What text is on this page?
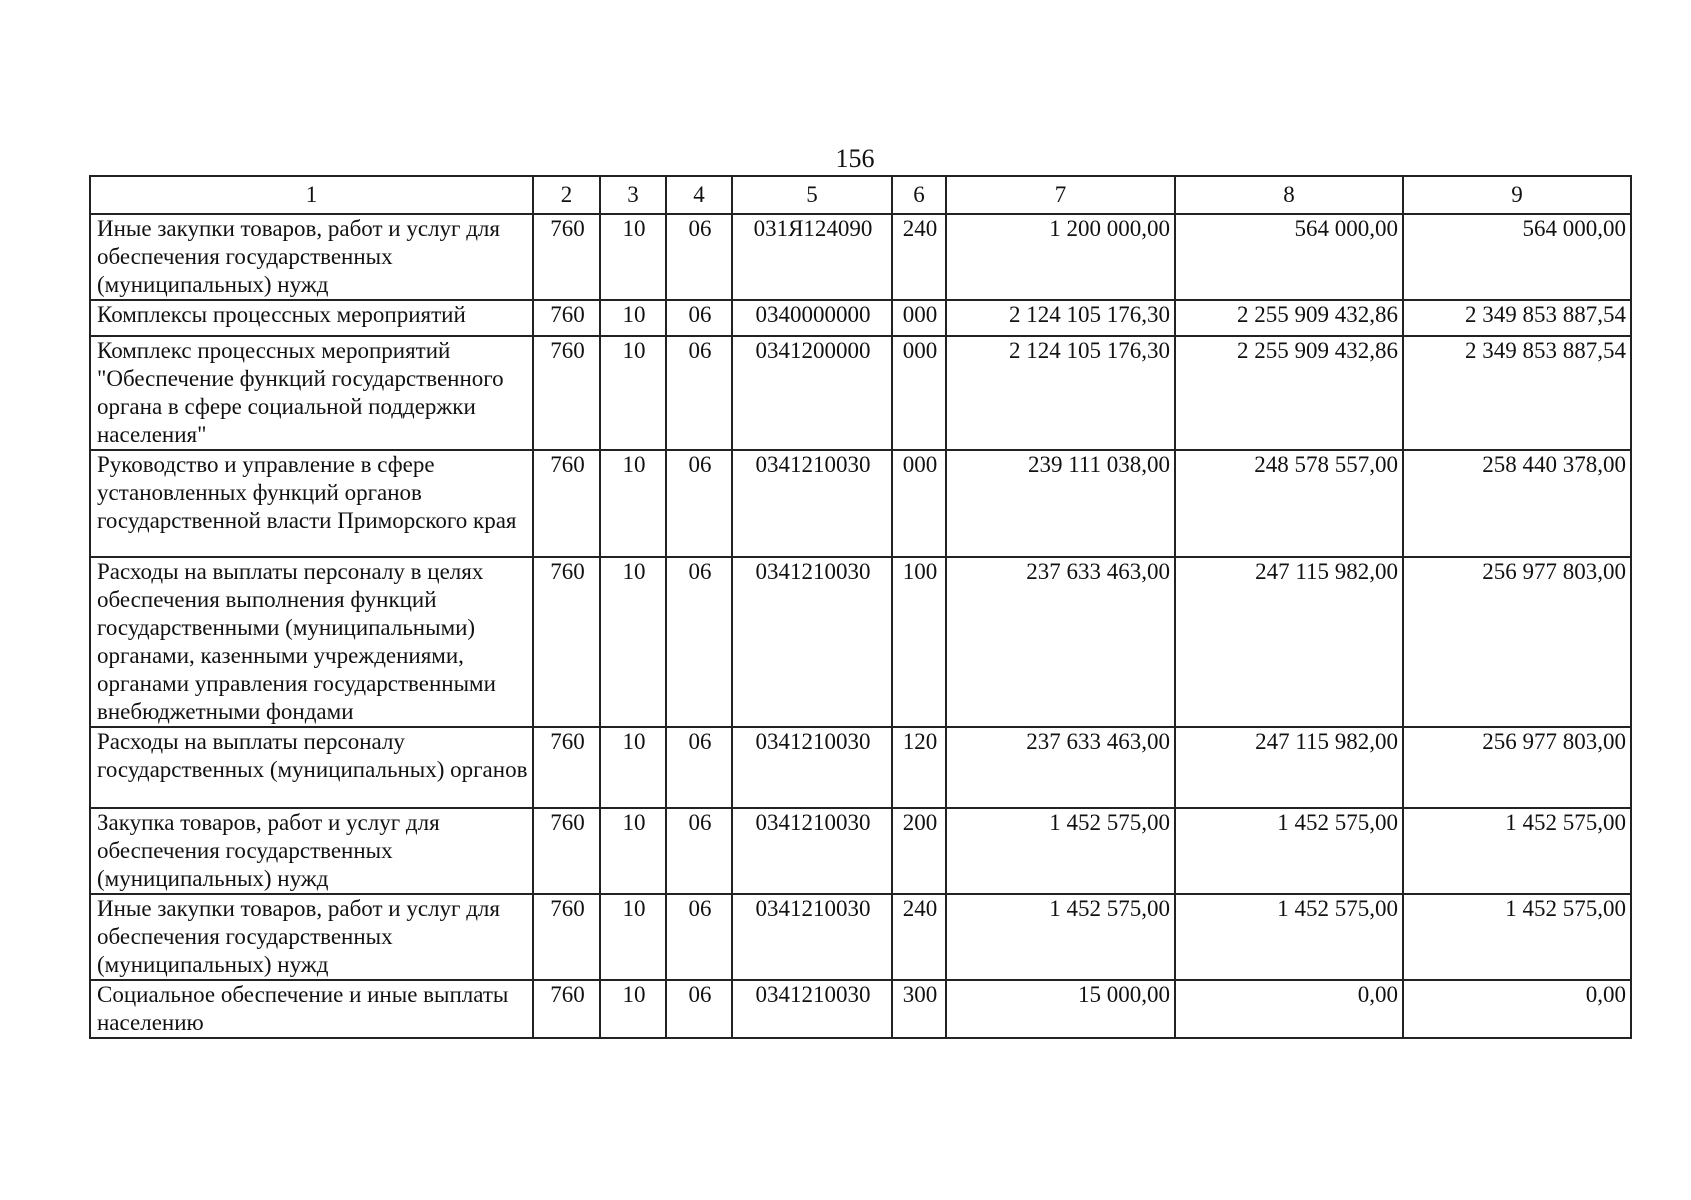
156
1	2	3	4	5	6	7	8	9
Иные закупки товаров, работ и услуг для обеспечения государственных (муниципальных) нужд	760	10	06	031Я124090	240	1 200 000,00	564 000,00	564 000,00
Комплексы процессных мероприятий	760	10	06	0340000000	000	2 124 105 176,30	2 255 909 432,86	2 349 853 887,54
Комплекс процессных мероприятий "Обеспечение функций государственного органа в сфере социальной поддержки населения"	760	10	06	0341200000	000	2 124 105 176,30	2 255 909 432,86	2 349 853 887,54
Руководство и управление в сфере установленных функций органов государственной власти Приморского края	760	10	06	0341210030	000	239 111 038,00	248 578 557,00	258 440 378,00
Расходы на выплаты персоналу в целях обеспечения выполнения функций государственными (муниципальными) органами, казенными учреждениями, органами управления государственными внебюджетными фондами	760	10	06	0341210030	100	237 633 463,00	247 115 982,00	256 977 803,00
Расходы на выплаты персоналу государственных (муниципальных) органов	760	10	06	0341210030	120	237 633 463,00	247 115 982,00	256 977 803,00
Закупка товаров, работ и услуг для обеспечения государственных (муниципальных) нужд	760	10	06	0341210030	200	1 452 575,00	1 452 575,00	1 452 575,00
Иные закупки товаров, работ и услуг для обеспечения государственных (муниципальных) нужд	760	10	06	0341210030	240	1 452 575,00	1 452 575,00	1 452 575,00
Социальное обеспечение и иные выплаты населению	760	10	06	0341210030	300	15 000,00	0,00	0,00
